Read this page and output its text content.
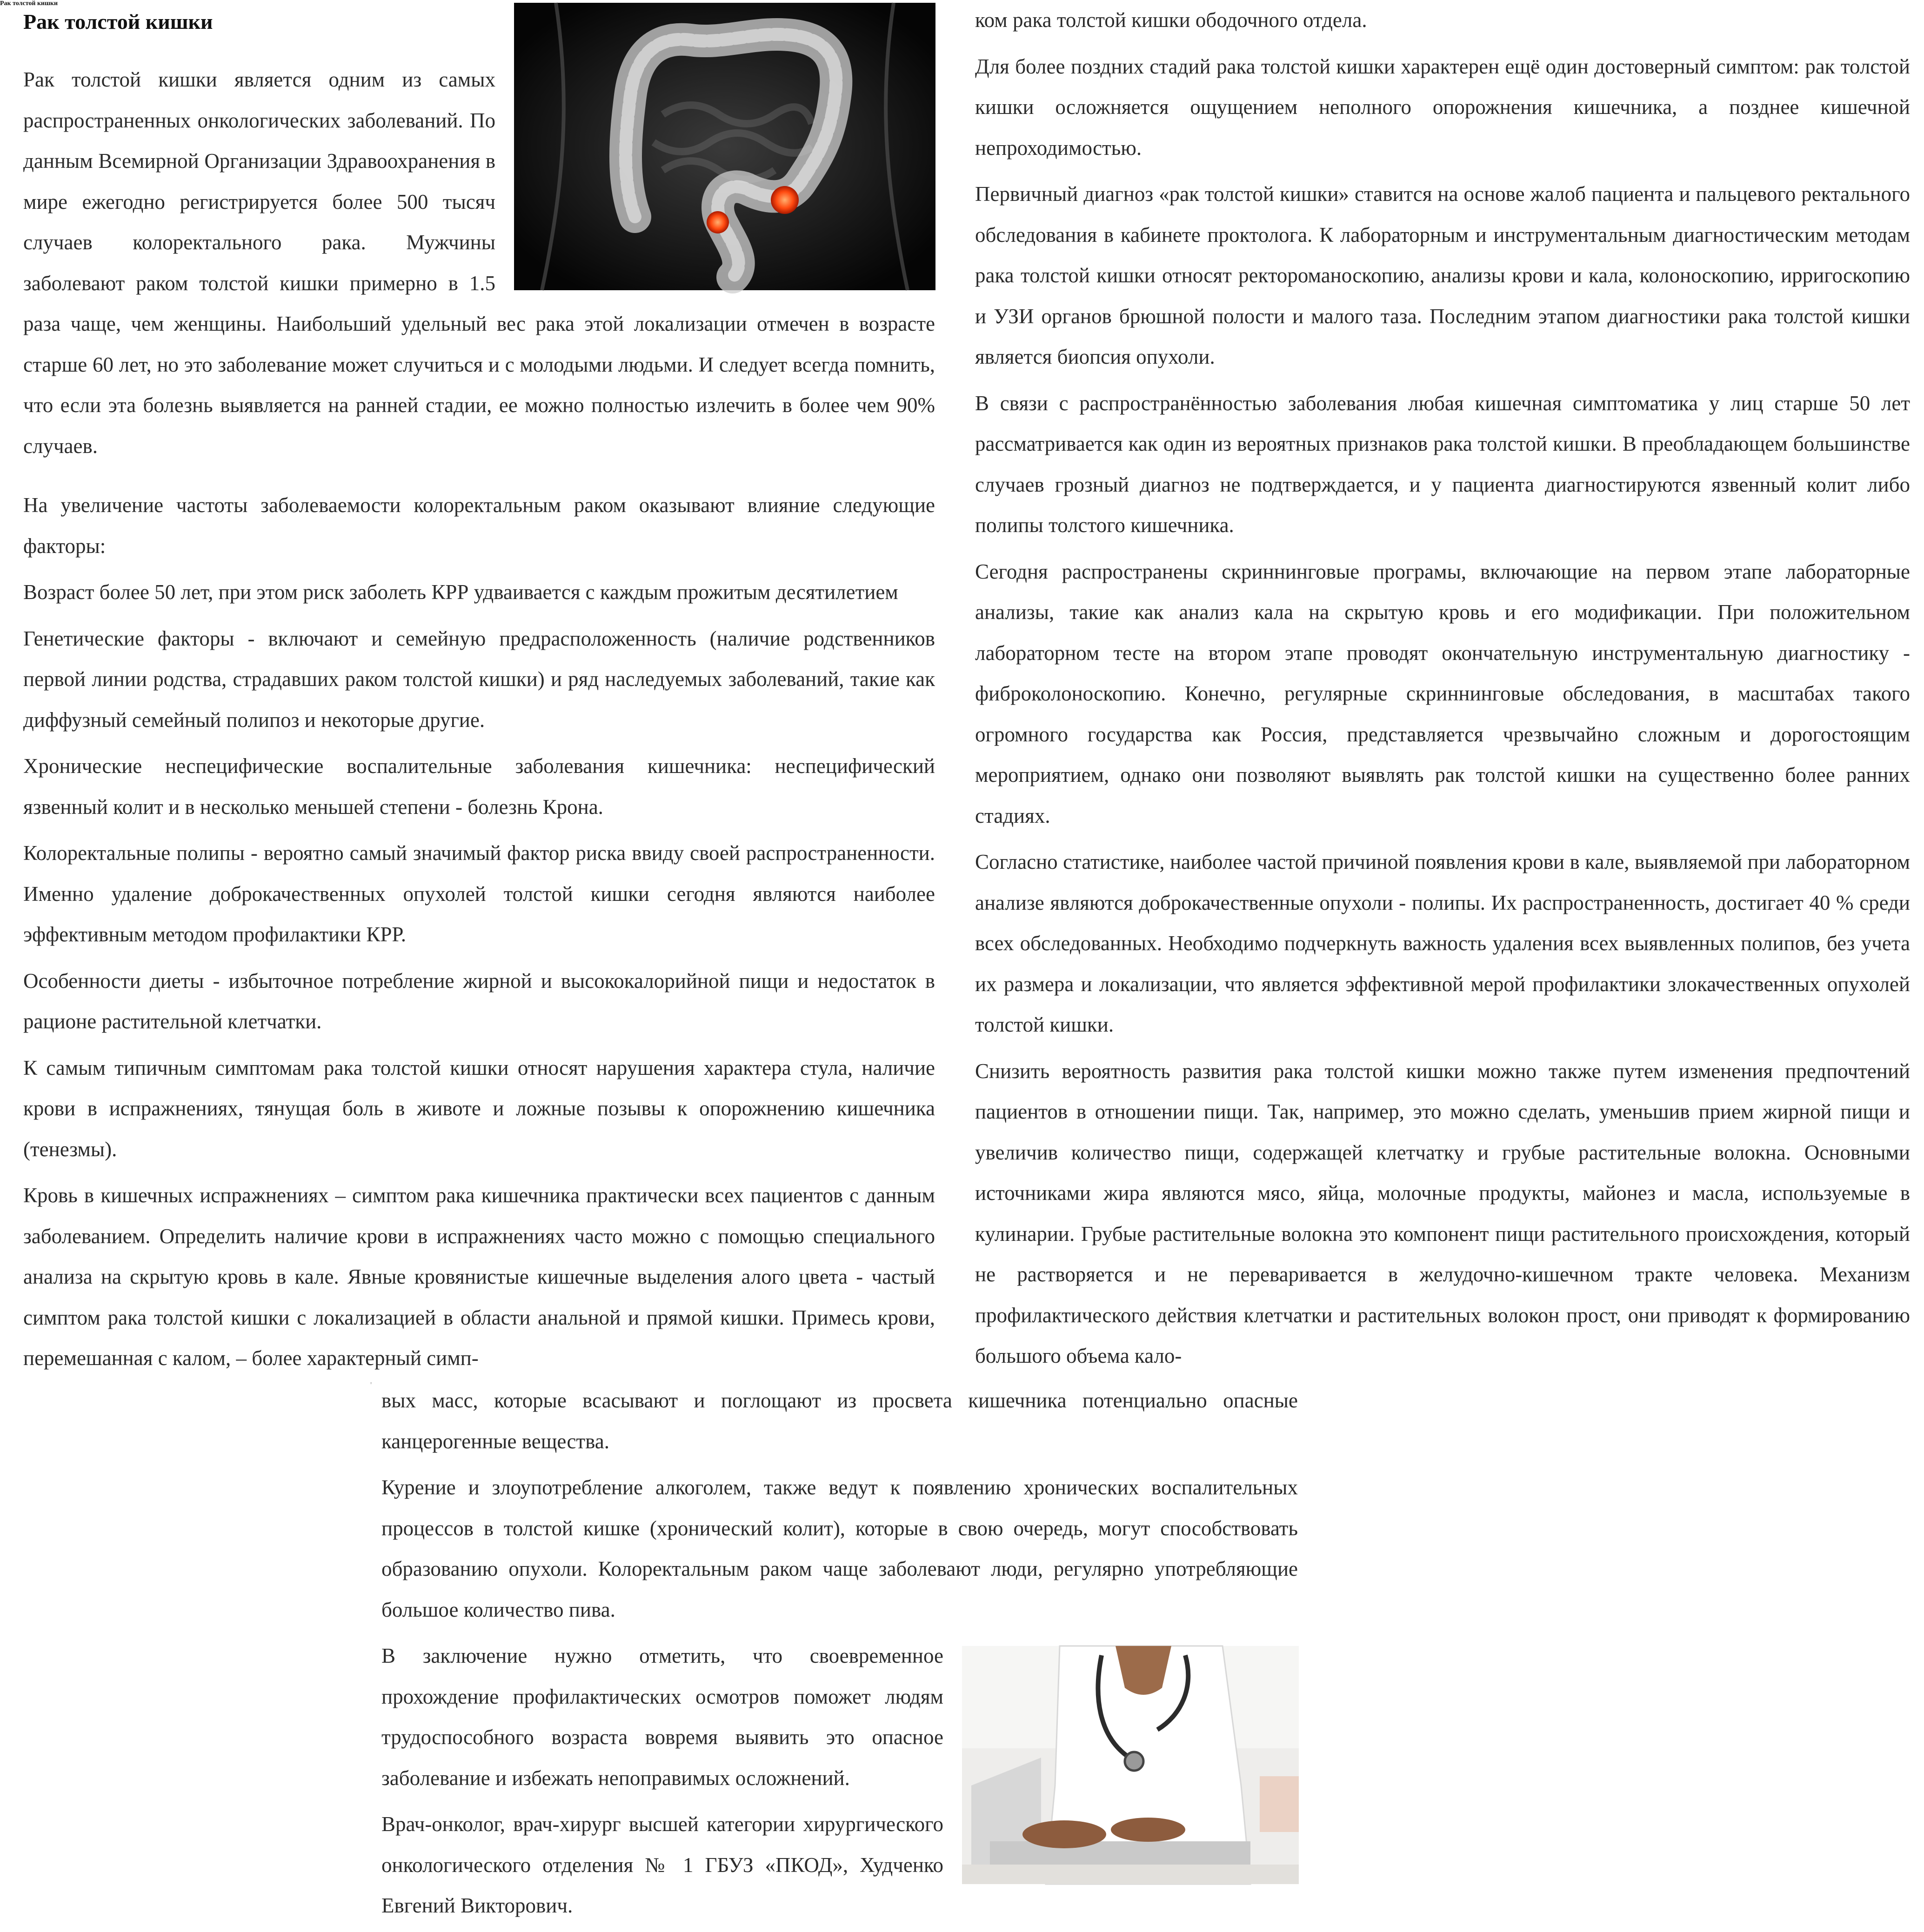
Рак толстой кишки
Рак толстой кишки

Рак толстой кишки является одним из самых распространенных онкологических заболеваний. По данным Всемирной Организации Здравоохранения в мире ежегодно регистрируется более 500 тысяч случаев колоректального рака. Мужчины заболевают раком толстой кишки примерно в 1.5 раза чаще, чем женщины. Наибольший удельный вес рака этой локализации отмечен в возрасте старше 60 лет, но это заболевание может случиться и с молодыми людьми. И следует всегда помнить, что если эта болезнь выявляется на ранней стадии, ее можно полностью излечить в более чем 90% случаев.

На увеличение частоты заболеваемости колоректальным раком оказывают влияние следующие факторы:

Возраст более 50 лет, при этом риск заболеть КРР удваивается с каждым прожитым десятилетием

Генетические факторы - включают и семейную предрасположенность (наличие родственников первой линии родства, страдавших раком толстой кишки) и ряд наследуемых заболеваний, такие как диффузный семейный полипоз и некоторые другие.

Хронические неспецифические воспалительные заболевания кишечника: неспецифический язвенный колит и в несколько меньшей степени - болезнь Крона.

Колоректальные полипы - вероятно самый значимый фактор риска ввиду своей распространенности. Именно удаление доброкачественных опухолей толстой кишки сегодня являются наиболее эффективным методом профилактики КРР.

Особенности диеты - избыточное потребление жирной и высококалорийной пищи и недостаток в рационе растительной клетчатки.

К самым типичным симптомам рака толстой кишки относят нарушения характера стула, наличие крови в испражнениях, тянущая боль в животе и ложные позывы к опорожнению кишечника (тенезмы).

Кровь в кишечных испражнениях – симптом рака кишечника практически всех пациентов с данным заболеванием. Определить наличие крови в испражнениях часто можно с помощью специального анализа на скрытую кровь в кале. Явные кровянистые кишечные выделения алого цвета - частый симптом рака толстой кишки с локализацией в области анальной и прямой кишки. Примесь крови, перемешанная с калом, – более характерный симп-

ком рака толстой кишки ободочного отдела.

Для более поздних стадий рака толстой кишки характерен ещё один достоверный симптом: рак толстой кишки осложняется ощущением неполного опорожнения кишечника, а позднее кишечной непроходимостью.

Первичный диагноз «рак толстой кишки» ставится на основе жалоб пациента и пальцевого ректального обследования в кабинете проктолога. К лабораторным и инструментальным диагностическим методам рака толстой кишки относят ректороманоскопию, анализы крови и кала, колоноскопию, ирригоскопию и УЗИ органов брюшной полости и малого таза. Последним этапом диагностики рака толстой кишки является биопсия опухоли.

В связи с распространённостью заболевания любая кишечная симптоматика у лиц старше 50 лет рассматривается как один из вероятных признаков рака толстой кишки. В преобладающем большинстве случаев грозный диагноз не подтверждается, и у пациента диагностируются язвенный колит либо полипы толстого кишечника.

Сегодня распространены скриннинговые програмы, включающие на первом этапе лабораторные анализы, такие как анализ кала на скрытую кровь и его модификации. При положительном лабораторном тесте на втором этапе проводят окончательную инструментальную диагностику - фиброколоноскопию. Конечно, регулярные скриннинговые обследования, в масштабах такого огромного государства как Россия, представляется чрезвычайно сложным и дорогостоящим мероприятием, однако они позволяют выявлять рак толстой кишки на существенно более ранних стадиях.

Согласно статистике, наиболее частой причиной появления крови в кале, выявляемой при лабораторном анализе являются доброкачественные опухоли - полипы. Их распространенность, достигает 40 % среди всех обследованных. Необходимо подчеркнуть важность удаления всех выявленных полипов, без учета их размера и локализации, что является эффективной мерой профилактики злокачественных опухолей толстой кишки.

Снизить вероятность развития рака толстой кишки можно также путем изменения предпочтений пациентов в отношении пищи. Так, например, это можно сделать, уменьшив прием жирной пищи и увеличив количество пищи, содержащей клетчатку и грубые растительные волокна. Основными источниками жира являются мясо, яйца, молочные продукты, майонез и масла, используемые в кулинарии. Грубые растительные волокна это компонент пищи растительного происхождения, который не растворяется и не переваривается в желудочно-кишечном тракте человека. Механизм профилактического действия клетчатки и растительных волокон прост, они приводят к формированию большого объема кало-

'

вых масс, которые всасывают и поглощают из просвета кишечника потенциально опасные канцерогенные вещества.

Курение и злоупотребление алкоголем, также ведут к появлению хронических воспалительных процессов в толстой кишке (хронический колит), которые в свою очередь, могут способствовать образованию опухоли. Колоректальным раком чаще заболевают люди, регулярно употребляющие большое количество пива.

В заключение нужно отметить, что своевременное прохождение профилактических осмотров поможет людям трудоспособного возраста вовремя выявить это опасное заболевание и избежать непоправимых осложнений.

Врач-онколог, врач-хирург высшей категории хирургического онкологического отделения № 1 ГБУЗ «ПКОД», Худченко Евгений Викторович.
